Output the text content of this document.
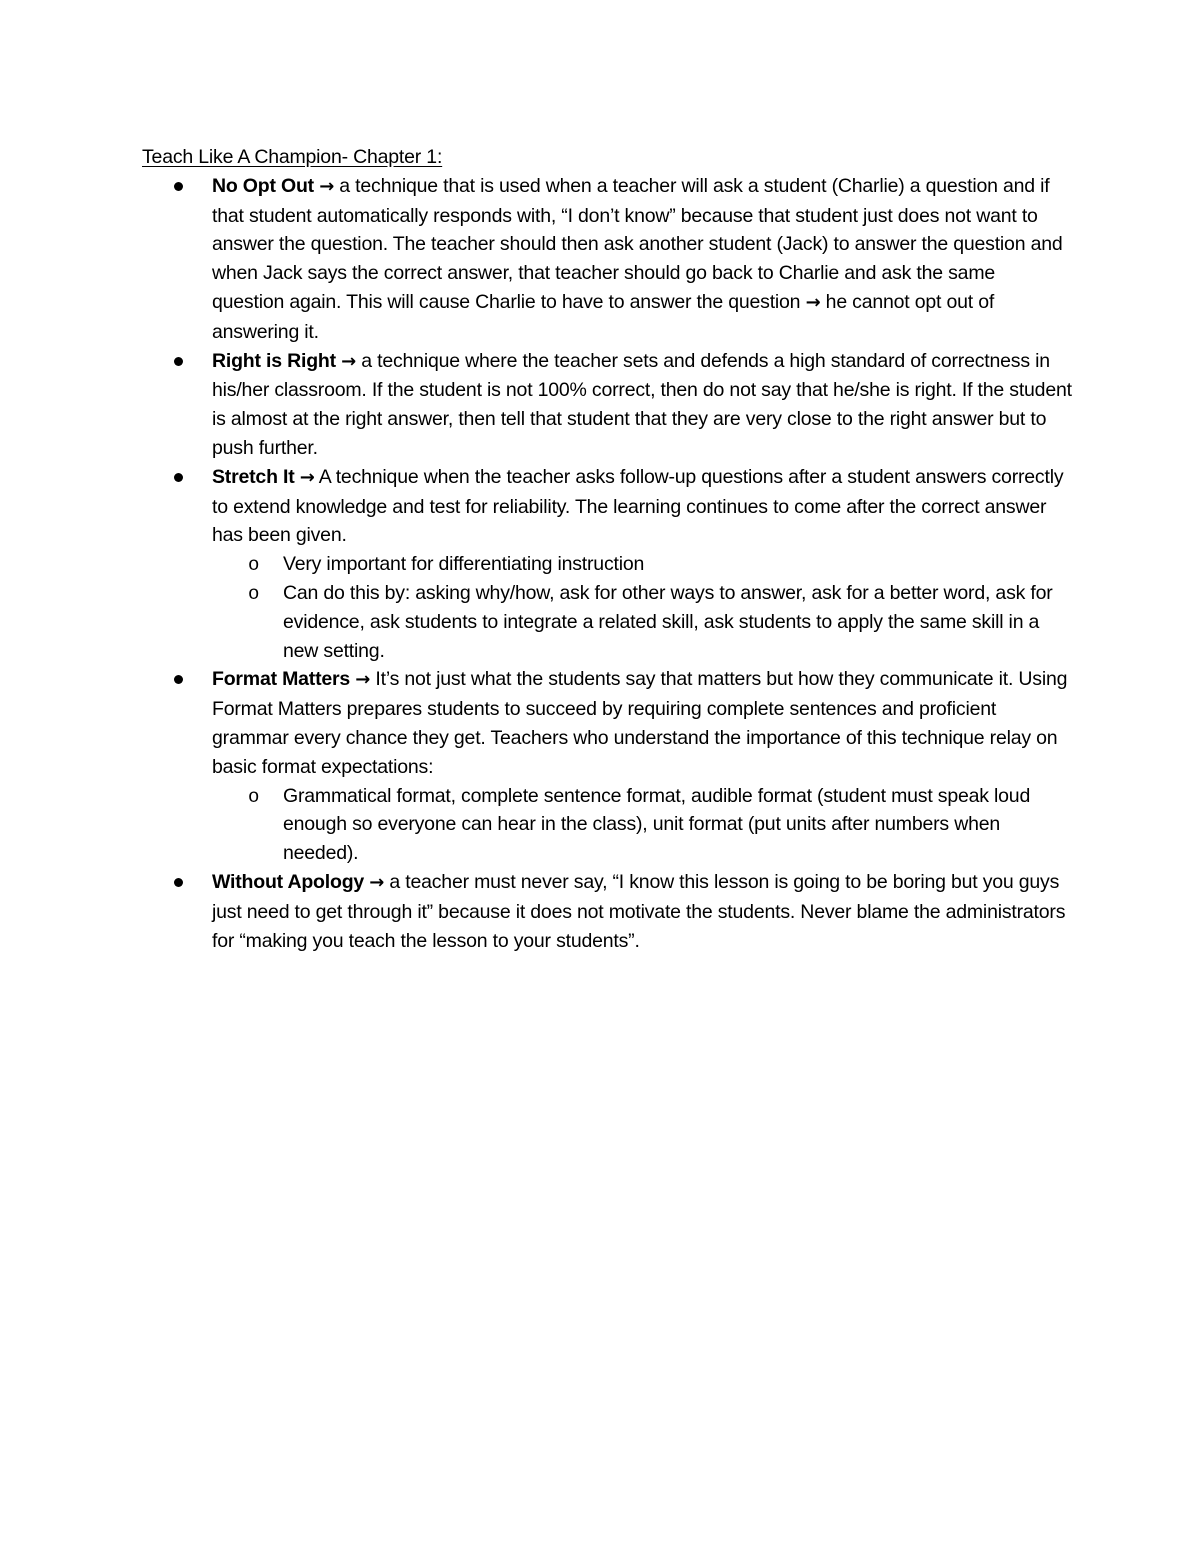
Teach Like A Champion- Chapter 1:
No Opt Out → a technique that is used when a teacher will ask a student (Charlie) a question and if that student automatically responds with, “I don’t know” because that student just does not want to answer the question. The teacher should then ask another student (Jack) to answer the question and when Jack says the correct answer, that teacher should go back to Charlie and ask the same question again. This will cause Charlie to have to answer the question → he cannot opt out of answering it.
Right is Right → a technique where the teacher sets and defends a high standard of correctness in his/her classroom. If the student is not 100% correct, then do not say that he/she is right. If the student is almost at the right answer, then tell that student that they are very close to the right answer but to push further.
Stretch It → A technique when the teacher asks follow-up questions after a student answers correctly to extend knowledge and test for reliability. The learning continues to come after the correct answer has been given.
o Very important for differentiating instruction
o Can do this by: asking why/how, ask for other ways to answer, ask for a better word, ask for evidence, ask students to integrate a related skill, ask students to apply the same skill in a new setting.
Format Matters → It’s not just what the students say that matters but how they communicate it. Using Format Matters prepares students to succeed by requiring complete sentences and proficient grammar every chance they get. Teachers who understand the importance of this technique relay on basic format expectations:
o Grammatical format, complete sentence format, audible format (student must speak loud enough so everyone can hear in the class), unit format (put units after numbers when needed).
Without Apology → a teacher must never say, “I know this lesson is going to be boring but you guys just need to get through it” because it does not motivate the students. Never blame the administrators for “making you teach the lesson to your students”.
